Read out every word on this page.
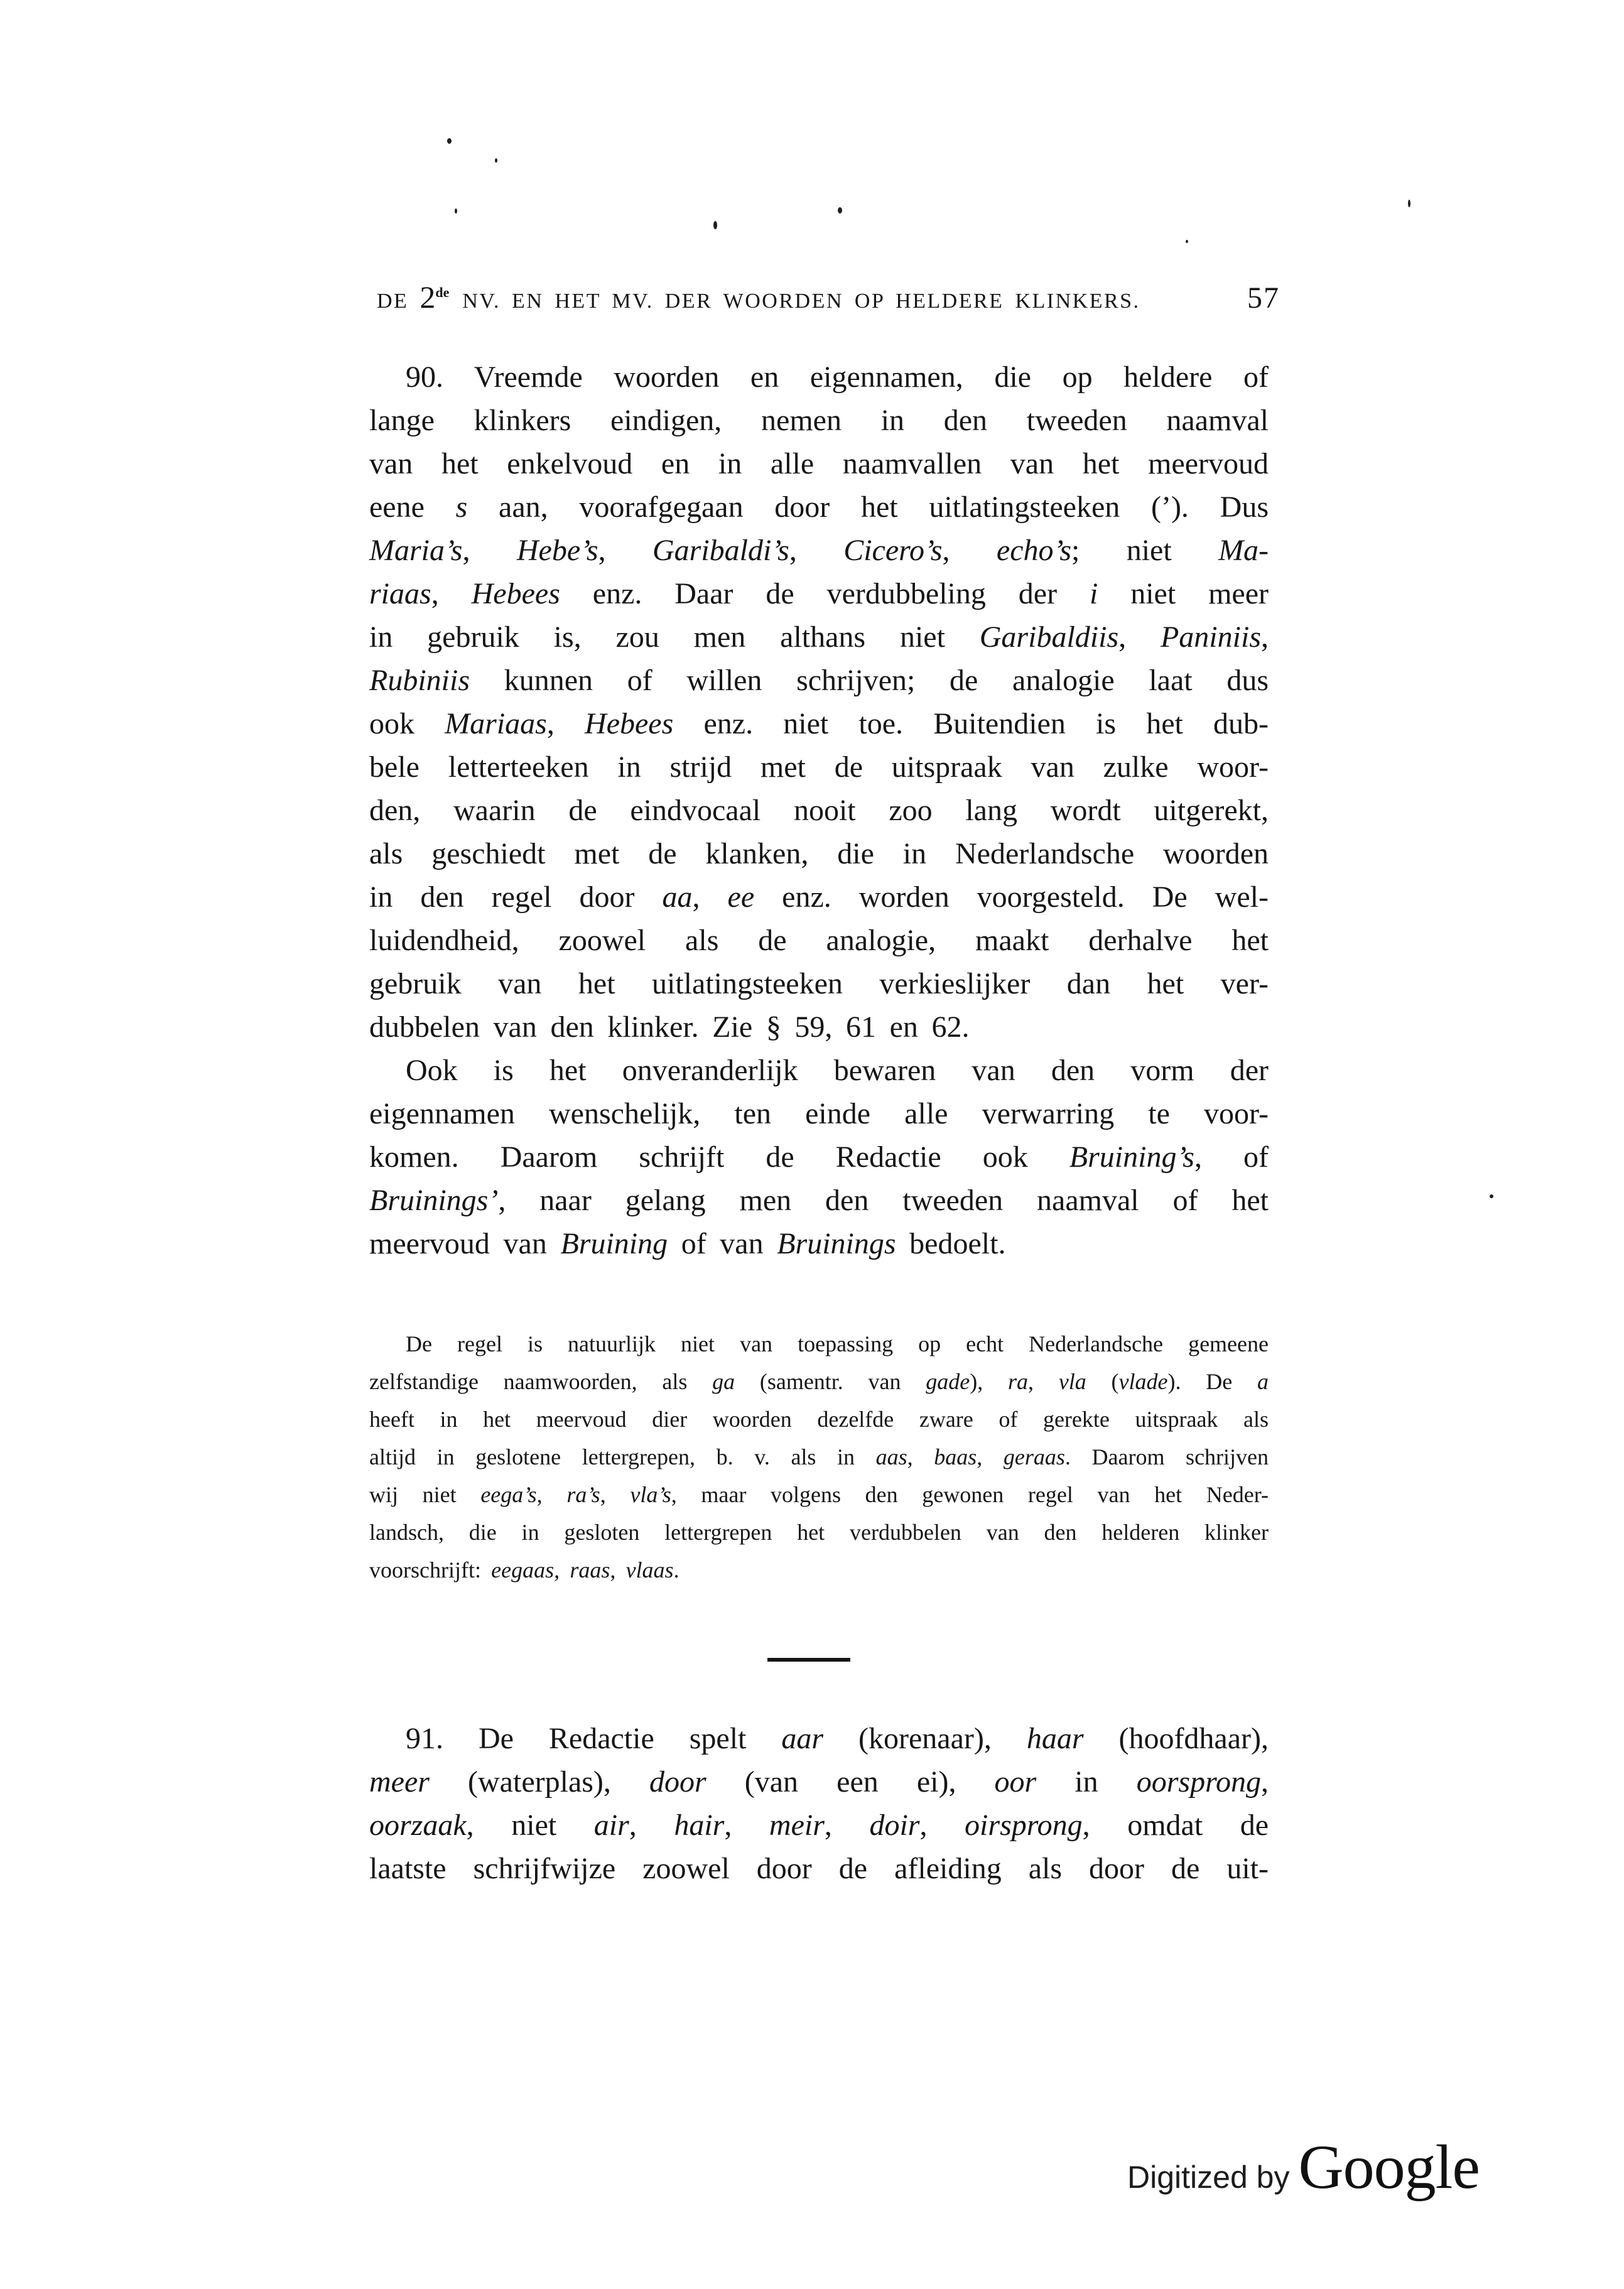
DE 2de NV. EN HET MV. DER WOORDEN OP HELDERE KLINKERS.	57
90. Vreemde woorden en eigennamen, die op heldere of
lange klinkers eindigen, nemen in den tweeden naamval
van het enkelvoud en in alle naamvallen van het meervoud
eene s aan, voorafgegaan door het uitlatingsteeken (’). Dus
Maria’s, Hebe’s, Garibaldi’s, Cicero’s, echo’s; niet Ma-
riaas, Hebees enz. Daar de verdubbeling der i niet meer
in gebruik is, zou men althans niet Garibaldiis, Paniniis,
Rubiniis kunnen of willen schrijven; de analogie laat dus
ook Mariaas, Hebees enz. niet toe. Buitendien is het dub-
bele letterteeken in strijd met de uitspraak van zulke woor-
den, waarin de eindvocaal nooit zoo lang wordt uitgerekt,
als geschiedt met de klanken, die in Nederlandsche woorden
in den regel door aa, ee enz. worden voorgesteld. De wel-
luidendheid, zoowel als de analogie, maakt derhalve het
gebruik van het uitlatingsteeken verkieslijker dan het ver-
dubbelen van den klinker. Zie § 59, 61 en 62.
Ook is het onveranderlijk bewaren van den vorm der
eigennamen wenschelijk, ten einde alle verwarring te voor-
komen. Daarom schrijft de Redactie ook Bruining’s, of
Bruinings’, naar gelang men den tweeden naamval of het
meervoud van Bruining of van Bruinings bedoelt.
De regel is natuurlijk niet van toepassing op echt Nederlandsche gemeene
zelfstandige naamwoorden, als ga (samentr. van gade), ra, vla (vlade). De a
heeft in het meervoud dier woorden dezelfde zware of gerekte uitspraak als
altijd in geslotene lettergrepen, b. v. als in aas, baas, geraas. Daarom schrijven
wij niet eega’s, ra’s, vla’s, maar volgens den gewonen regel van het Neder-
landsch, die in gesloten lettergrepen het verdubbelen van den helderen klinker
voorschrijft: eegaas, raas, vlaas.
91. De Redactie spelt aar (korenaar), haar (hoofdhaar),
meer (waterplas), door (van een ei), oor in oorsprong,
oorzaak, niet air, hair, meir, doir, oirsprong, omdat de
laatste schrijfwijze zoowel door de afleiding als door de uit-
Digitized by Google
